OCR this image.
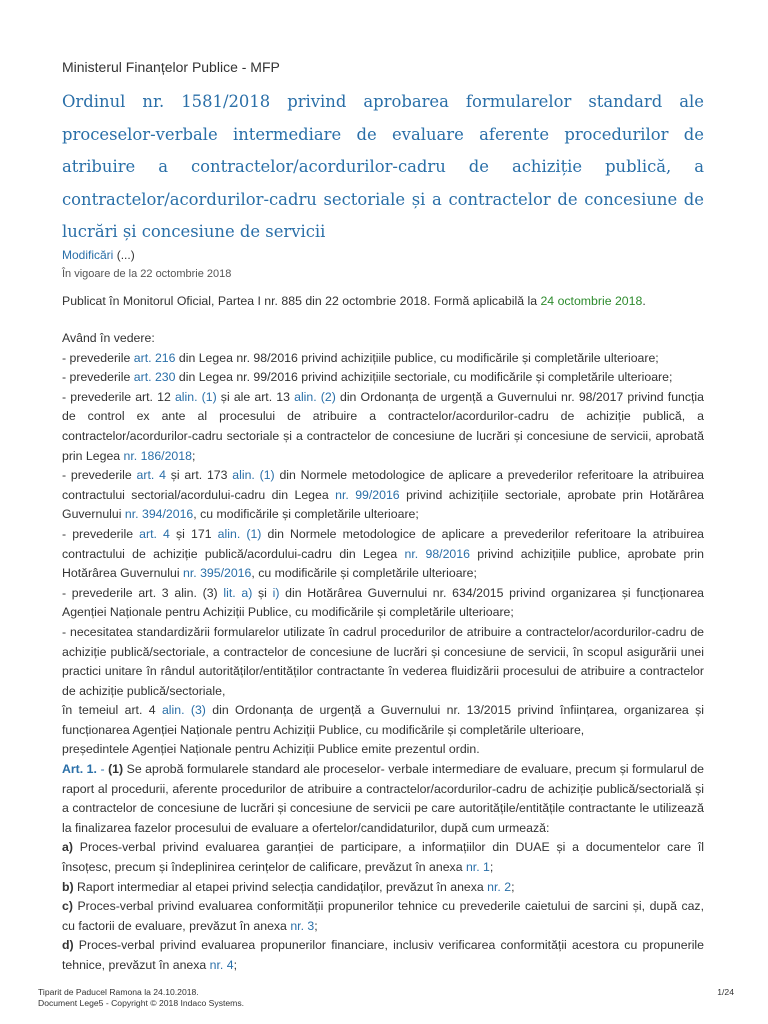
Ministerul Finanțelor Publice - MFP
Ordinul nr. 1581/2018 privind aprobarea formularelor standard ale proceselor-verbale intermediare de evaluare aferente procedurilor de atribuire a contractelor/acordurilor-cadru de achiziție publică, a contractelor/acordurilor-cadru sectoriale și a contractelor de concesiune de lucrări și concesiune de servicii
Modificări (...)
În vigoare de la 22 octombrie 2018
Publicat în Monitorul Oficial, Partea I nr. 885 din 22 octombrie 2018. Formă aplicabilă la 24 octombrie 2018.

Având în vedere:

- prevederile art. 216 din Legea nr. 98/2016 privind achizițiile publice, cu modificările și completările ulterioare;

- prevederile art. 230 din Legea nr. 99/2016 privind achizițiile sectoriale, cu modificările și completările ulterioare;

- prevederile art. 12 alin. (1) și ale art. 13 alin. (2) din Ordonanța de urgență a Guvernului nr. 98/2017 privind funcția de control ex ante al procesului de atribuire a contractelor/acordurilor-cadru de achiziție publică, a contractelor/acordurilor-cadru sectoriale și a contractelor de concesiune de lucrări și concesiune de servicii, aprobată prin Legea nr. 186/2018;

- prevederile art. 4 și art. 173 alin. (1) din Normele metodologice de aplicare a prevederilor referitoare la atribuirea contractului sectorial/acordului-cadru din Legea nr. 99/2016 privind achizițiile sectoriale, aprobate prin Hotărârea Guvernului nr. 394/2016, cu modificările și completările ulterioare;

- prevederile art. 4 și 171 alin. (1) din Normele metodologice de aplicare a prevederilor referitoare la atribuirea contractului de achiziție publică/acordului-cadru din Legea nr. 98/2016 privind achizițiile publice, aprobate prin Hotărârea Guvernului nr. 395/2016, cu modificările și completările ulterioare;

- prevederile art. 3 alin. (3) lit. a) și i) din Hotărârea Guvernului nr. 634/2015 privind organizarea și funcționarea Agenției Naționale pentru Achiziții Publice, cu modificările și completările ulterioare;

- necesitatea standardizării formularelor utilizate în cadrul procedurilor de atribuire a contractelor/acordurilor-cadru de achiziție publică/sectoriale, a contractelor de concesiune de lucrări și concesiune de servicii, în scopul asigurării unei practici unitare în rândul autorităților/entităților contractante în vederea fluidizării procesului de atribuire a contractelor de achiziție publică/sectoriale,

în temeiul art. 4 alin. (3) din Ordonanța de urgență a Guvernului nr. 13/2015 privind înființarea, organizarea și funcționarea Agenției Naționale pentru Achiziții Publice, cu modificările și completările ulterioare,

președintele Agenției Naționale pentru Achiziții Publice emite prezentul ordin.

Art. 1. - (1) Se aprobă formularele standard ale proceselor- verbale intermediare de evaluare, precum și formularul de raport al procedurii, aferente procedurilor de atribuire a contractelor/acordurilor-cadru de achiziție publică/sectorială și a contractelor de concesiune de lucrări și concesiune de servicii pe care autoritățile/entitățile contractante le utilizează la finalizarea fazelor procesului de evaluare a ofertelor/candidaturilor, după cum urmează:

a) Proces-verbal privind evaluarea garanției de participare, a informațiilor din DUAE și a documentelor care îl însoțesc, precum și îndeplinirea cerințelor de calificare, prevăzut în anexa nr. 1;

b) Raport intermediar al etapei privind selecția candidaților, prevăzut în anexa nr. 2;

c) Proces-verbal privind evaluarea conformității propunerilor tehnice cu prevederile caietului de sarcini și, după caz, cu factorii de evaluare, prevăzut în anexa nr. 3;

d) Proces-verbal privind evaluarea propunerilor financiare, inclusiv verificarea conformității acestora cu propunerile tehnice, prevăzut în anexa nr. 4;

Tiparit de Paducel Ramona la 24.10.2018.
Document Lege5 - Copyright © 2018 Indaco Systems.
1/24
